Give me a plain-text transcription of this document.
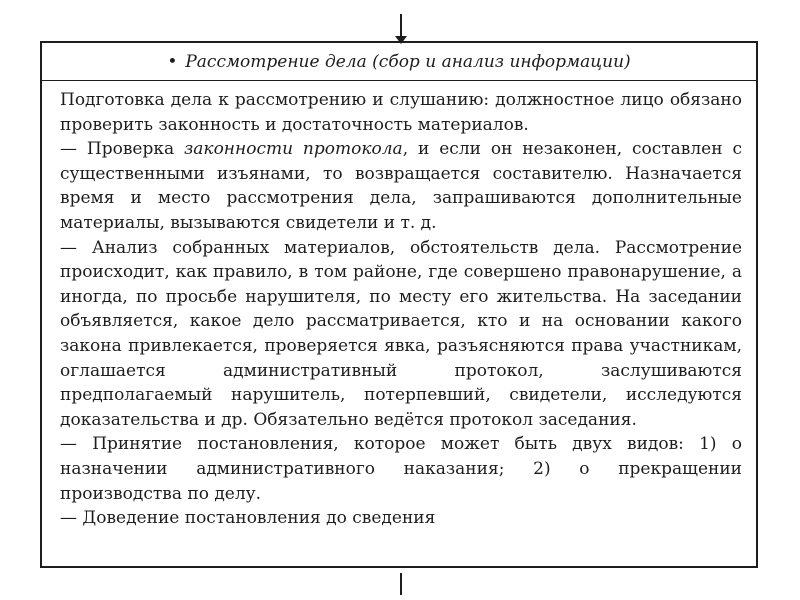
• Рассмотрение дела (сбор и анализ информации)

Подготовка дела к рассмотрению и слушанию: должностное лицо обязано проверить законность и достаточность материалов.

— Проверка законности протокола, и если он незаконен, составлен с существенными изъянами, то возвращается составителю. Назначается время и место рассмотрения дела, запрашиваются дополнительные материалы, вызываются свидетели и т. д.

— Анализ собранных материалов, обстоятельств дела. Рассмотрение происходит, как правило, в том районе, где совершено правонарушение, а иногда, по просьбе нарушителя, по месту его жительства. На заседании объявляется, какое дело рассматривается, кто и на основании какого закона привлекается, проверяется явка, разъясняются права участникам, оглашается административный протокол, заслушиваются предполагаемый нарушитель, потерпевший, свидетели, исследуются доказательства и др. Обязательно ведётся протокол заседания.

— Принятие постановления, которое может быть двух видов: 1) о назначении административного наказания; 2) о прекращении производства по делу.

— Доведение постановления до сведения
